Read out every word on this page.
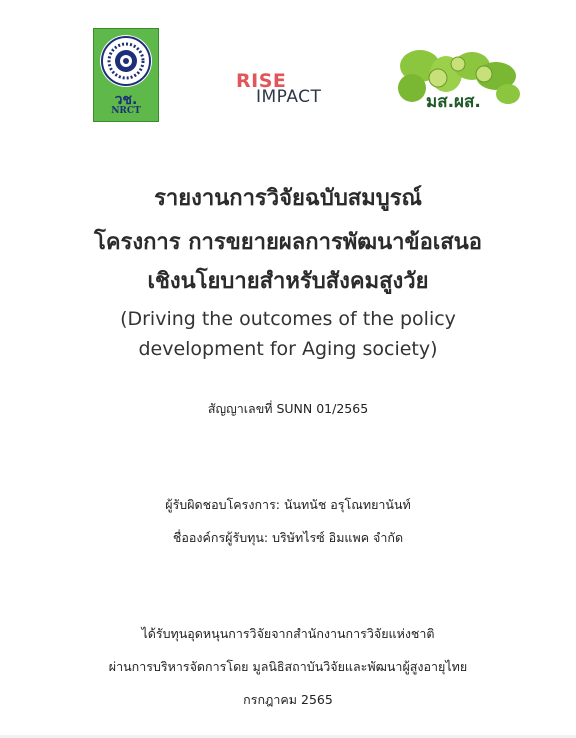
วช.
NRCT
RISE
IMPACT	มส.ผส.
รายงานการวิจัยฉบับสมบูรณ์
โครงการ การขยายผลการพัฒนาข้อเสนอ
เชิงนโยบายสำหรับสังคมสูงวัย
(Driving the outcomes of the policy
development for Aging society)
สัญญาเลขที่ SUNN 01/2565
ผู้รับผิดชอบโครงการ: นันทนัช อรุโณทยานันท์
ชื่อองค์กรผู้รับทุน: บริษัทไรซ์ อิมแพค จำกัด
ได้รับทุนอุดหนุนการวิจัยจากสำนักงานการวิจัยแห่งชาติ
ผ่านการบริหารจัดการโดย มูลนิธิสถาบันวิจัยและพัฒนาผู้สูงอายุไทย
กรกฎาคม 2565
